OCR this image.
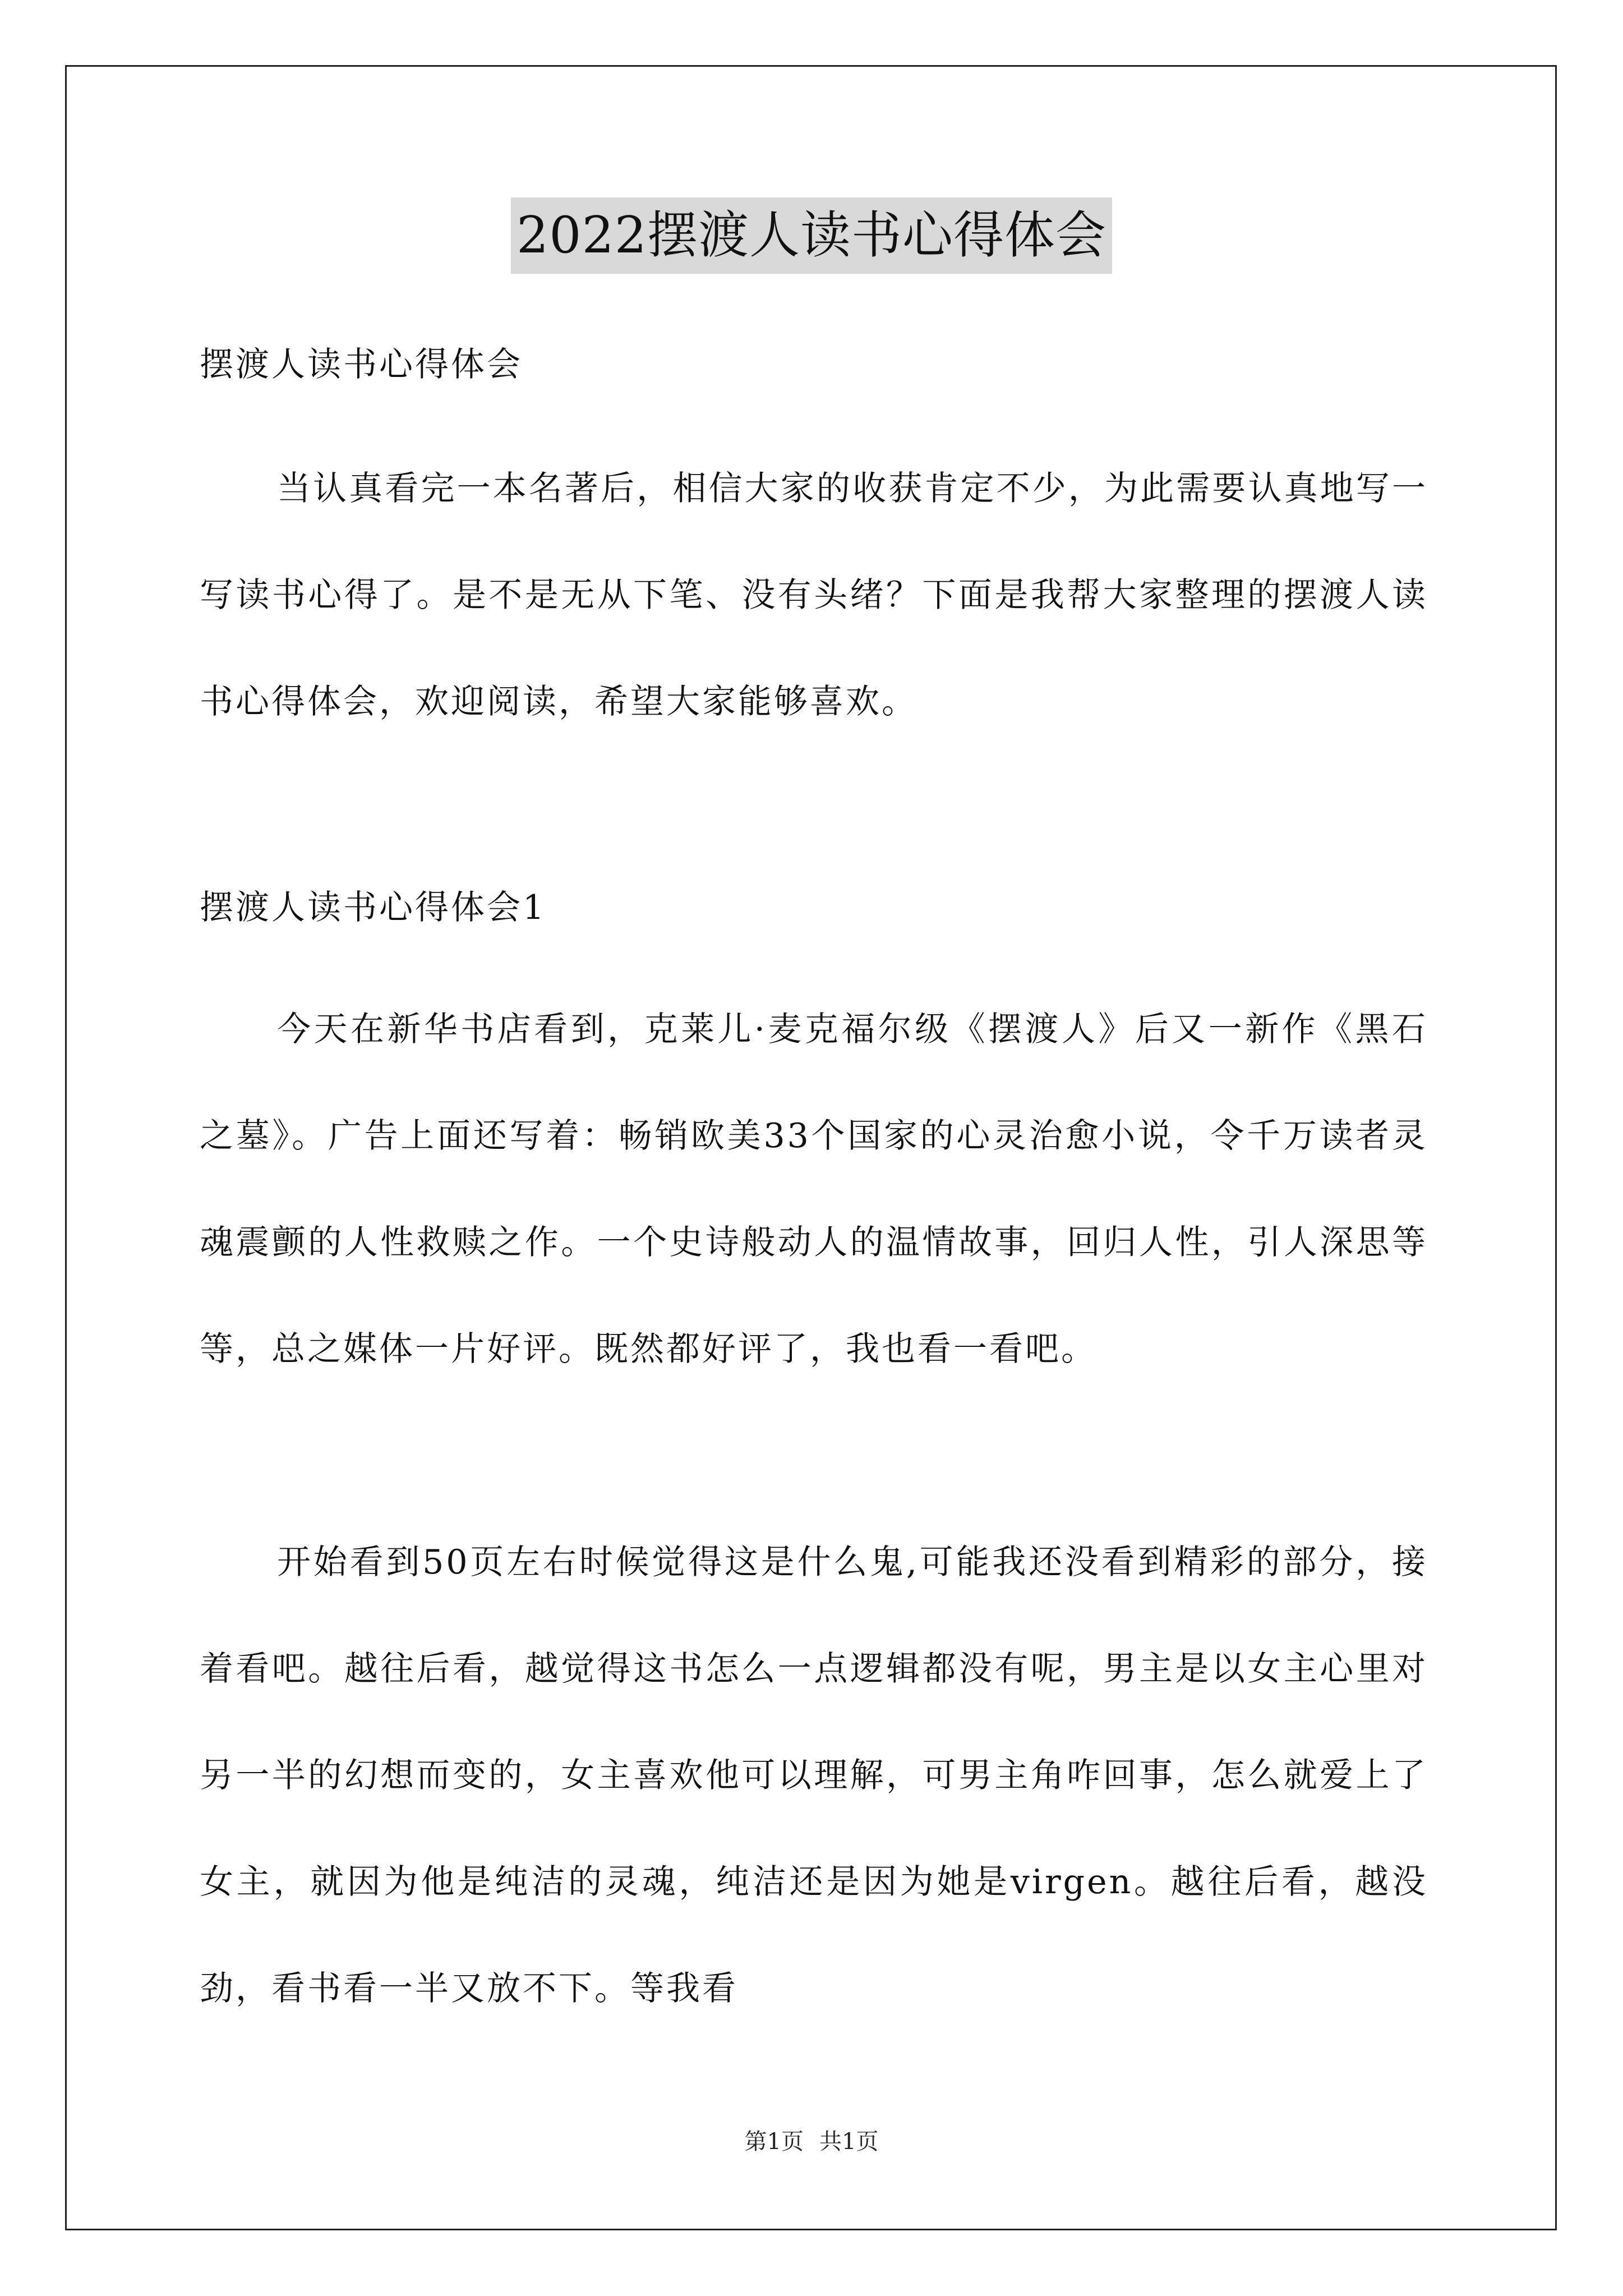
2022摆渡人读书心得体会

摆渡人读书心得体会

当认真看完一本名著后，相信大家的收获肯定不少，为此需要认真地写一写读书心得了。是不是无从下笔、没有头绪？下面是我帮大家整理的摆渡人读书心得体会，欢迎阅读，希望大家能够喜欢。

摆渡人读书心得体会1

今天在新华书店看到，克莱儿·麦克福尔级《摆渡人》后又一新作《黑石之墓》。广告上面还写着：畅销欧美33个国家的心灵治愈小说，令千万读者灵魂震颤的人性救赎之作。一个史诗般动人的温情故事，回归人性，引人深思等等，总之媒体一片好评。既然都好评了，我也看一看吧。

开始看到50页左右时候觉得这是什么鬼,可能我还没看到精彩的部分，接着看吧。越往后看，越觉得这书怎么一点逻辑都没有呢，男主是以女主心里对另一半的幻想而变的，女主喜欢他可以理解，可男主角咋回事，怎么就爱上了女主，就因为他是纯洁的灵魂，纯洁还是因为她是virgen。越往后看，越没劲，看书看一半又放不下。等我看

第1页 共1页
